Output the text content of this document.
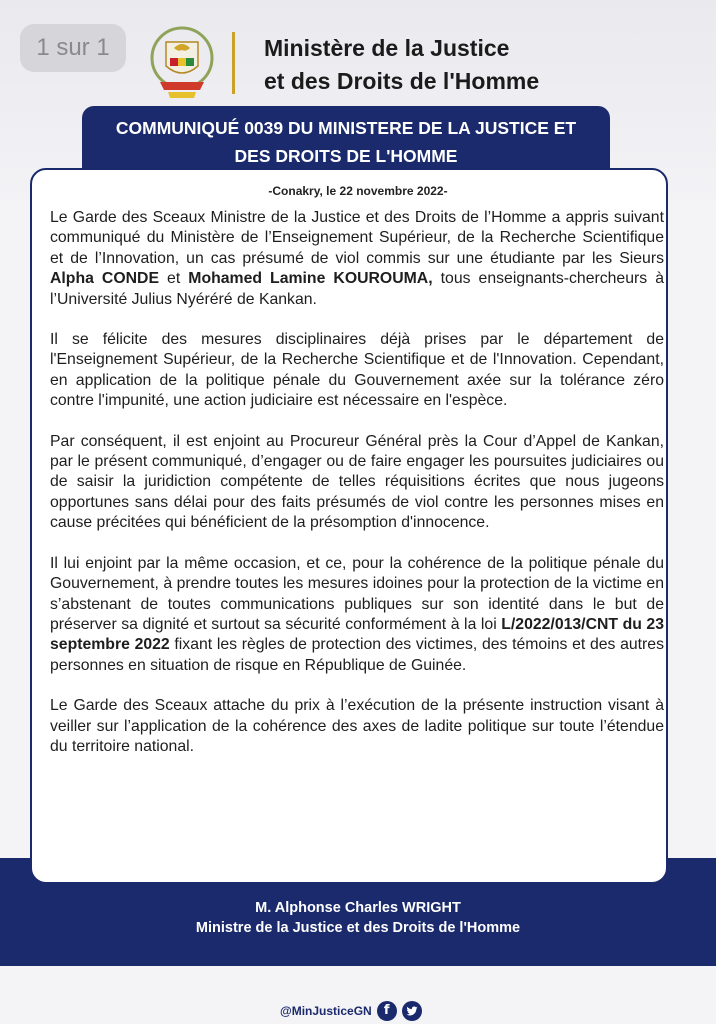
1 sur 1	Ministère de la Justice
et des Droits de l'Homme
COMMUNIQUÉ 0039 DU MINISTERE DE LA JUSTICE ET
DES DROITS DE L'HOMME
-Conakry, le 22 novembre 2022-

Le Garde des Sceaux Ministre de la Justice et des Droits de l’Homme a appris suivant communiqué du Ministère de l’Enseignement Supérieur, de la Recherche Scientifique et de l’Innovation, un cas présumé de viol commis sur une étudiante par les Sieurs Alpha CONDE et Mohamed Lamine KOUROUMA, tous enseignants-chercheurs à l’Université Julius Nyéréré de Kankan.

Il se félicite des mesures disciplinaires déjà prises par le département de l'Enseignement Supérieur, de la Recherche Scientifique et de l'Innovation. Cependant, en application de la politique pénale du Gouvernement axée sur la tolérance zéro contre l'impunité, une action judiciaire est nécessaire en l'espèce.

Par conséquent, il est enjoint au Procureur Général près la Cour d’Appel de Kankan, par le présent communiqué, d’engager ou de faire engager les poursuites judiciaires ou de saisir la juridiction compétente de telles réquisitions écrites que nous jugeons opportunes sans délai pour des faits présumés de viol contre les personnes mises en cause précitées qui bénéficient de la présomption d'innocence.

Il lui enjoint par la même occasion, et ce, pour la cohérence de la politique pénale du Gouvernement, à prendre toutes les mesures idoines pour la protection de la victime en s’abstenant de toutes communications publiques sur son identité dans le but de préserver sa dignité et surtout sa sécurité conformément à la loi L/2022/013/CNT du 23 septembre 2022 fixant les règles de protection des victimes, des témoins et des autres personnes en situation de risque en République de Guinée.

Le Garde des Sceaux attache du prix à l’exécution de la présente instruction visant à veiller sur l’application de la cohérence des axes de ladite politique sur toute l’étendue du territoire national.

M. Alphonse Charles WRIGHT
Ministre de la Justice et des Droits de l'Homme
@MinJusticeGN f
